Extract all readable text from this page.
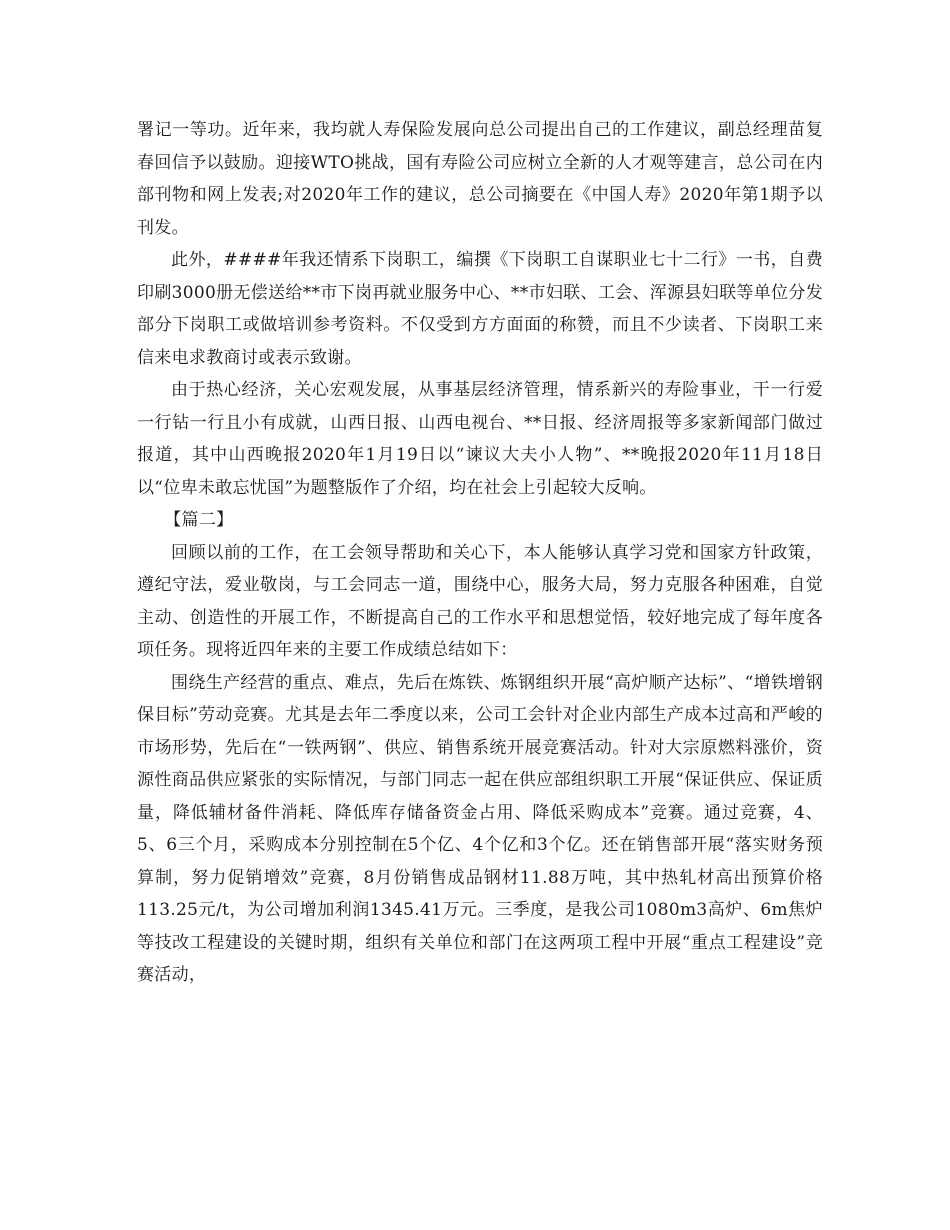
署记一等功。近年来，我均就人寿保险发展向总公司提出自己的工作建议，副总经理苗复春回信予以鼓励。迎接WTO挑战，国有寿险公司应树立全新的人才观等建言，总公司在内部刊物和网上发表;对2020年工作的建议，总公司摘要在《中国人寿》2020年第1期予以刊发。

此外，####年我还情系下岗职工，编撰《下岗职工自谋职业七十二行》一书，自费印刷3000册无偿送给**市下岗再就业服务中心、**市妇联、工会、浑源县妇联等单位分发部分下岗职工或做培训参考资料。不仅受到方方面面的称赞，而且不少读者、下岗职工来信来电求教商讨或表示致谢。

由于热心经济，关心宏观发展，从事基层经济管理，情系新兴的寿险事业，干一行爱一行钻一行且小有成就，山西日报、山西电视台、**日报、经济周报等多家新闻部门做过报道，其中山西晚报2020年1月19日以“谏议大夫小人物”、**晚报2020年11月18日以“位卑未敢忘忧国”为题整版作了介绍，均在社会上引起较大反响。

【篇二】

回顾以前的工作，在工会领导帮助和关心下，本人能够认真学习党和国家方针政策，遵纪守法，爱业敬岗，与工会同志一道，围绕中心，服务大局，努力克服各种困难，自觉主动、创造性的开展工作，不断提高自己的工作水平和思想觉悟，较好地完成了每年度各项任务。现将近四年来的主要工作成绩总结如下：

围绕生产经营的重点、难点，先后在炼铁、炼钢组织开展“高炉顺产达标”、“增铁增钢保目标”劳动竞赛。尤其是去年二季度以来，公司工会针对企业内部生产成本过高和严峻的市场形势，先后在“一铁两钢”、供应、销售系统开展竞赛活动。针对大宗原燃料涨价，资源性商品供应紧张的实际情况，与部门同志一起在供应部组织职工开展“保证供应、保证质量，降低辅材备件消耗、降低库存储备资金占用、降低采购成本”竞赛。通过竞赛，4、5、6三个月，采购成本分别控制在5个亿、4个亿和3个亿。还在销售部开展“落实财务预算制，努力促销增效”竞赛，8月份销售成品钢材11.88万吨，其中热轧材高出预算价格113.25元/t，为公司增加利润1345.41万元。三季度，是我公司1080m3高炉、6m焦炉等技改工程建设的关键时期，组织有关单位和部门在这两项工程中开展“重点工程建设”竞赛活动，
